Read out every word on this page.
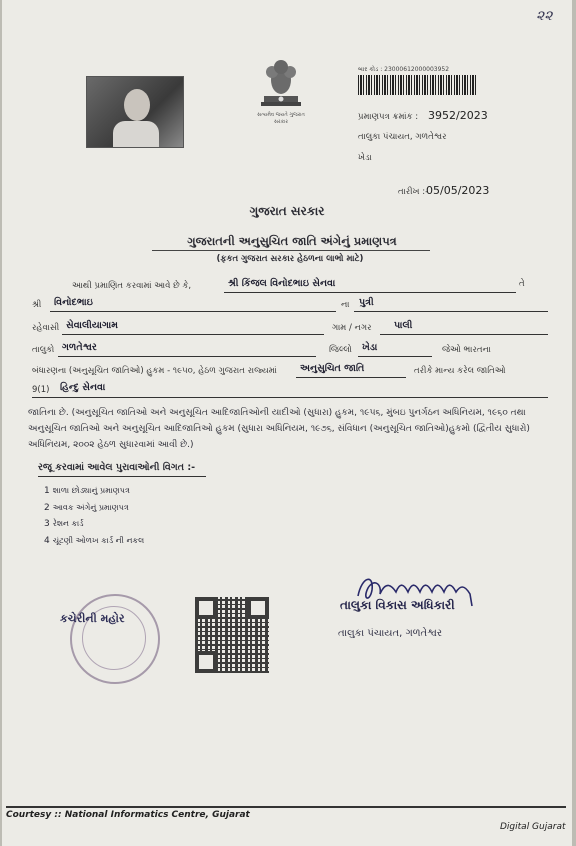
૨૨
સત્યમેવ જયતે ગુજરાત સરકાર
બાર કોડ : 23000612000003952
પ્રમાણપત્ર ક્રમાંક : 3952/2023
તાલુકા પંચાયત, ગળતેશ્વર
ખેડા
તારીખ :-
05/05/2023
ગુજરાત સરકાર
ગુજરાતની અનુસુચિત જાતિ અંગેનું પ્રમાણપત્ર
(ફકત ગુજરાત સરકાર હેઠળના લાભો માટે)
આથી પ્રમાણિત કરવામાં આવે છે કે,	શ્રી કિંજલ વિનોદભાઇ સેનવા	તે
શ્રી વિનોદભાઇ	ના પુત્રી
રહેવાસી સેવાલીયાગામ	ગામ / નગર પાલી
તાલુકો ગળતેશ્વર	જિલ્લો ખેડા	જેઓ ભારતના
બંધારણના (અનુસૂચિત જાતિઓ) હુકમ - ૧૯૫૦, હેઠળ ગુજરાત રાજ્યમાં અનુસુચિત જાતિ	તરીકે માન્ય કરેલ જાતિઓ
9(1) હિન્દુ સેનવા
જાતિના છે. (અનુસૂચિત જાતિઓ અને અનુસૂચિત આદિજાતિઓની યાદીઓ (સુધારા) હુકમ, ૧૯૫૬, મુંબઇ પુનર્ગઠન અધિનિયમ, ૧૯૬૦ તથા અનુસૂચિત જાતિઓ અને અનુસૂચિત આદિજાતિઓ હુકમ (સુધારા અધિનિયમ, ૧૯૭૬, સંવિધાન (અનુસૂચિત જાતિઓ)હુકમો (દ્વિતીય સુધારો) અધિનિયમ, ૨૦૦૨ હેઠળ સુધારવામાં આવી છે.)
રજૂ કરવામાં આવેલ પુરાવાઓની વિગત :-
1 શાળા છોડ્યાનું પ્રમાણપત્ર
2 આવક અંગેનું પ્રમાણપત્ર
3 રેશન કાર્ડ
4 ચૂંટણી ઓળખ કાર્ડ ની નકલ
કચેરીની મહોર
તાલુકા વિકાસ અધિકારી
તાલુકા પંચાયત, ગળતેશ્વર
Courtesy :: National Informatics Centre, Gujarat
Digital Gujarat
